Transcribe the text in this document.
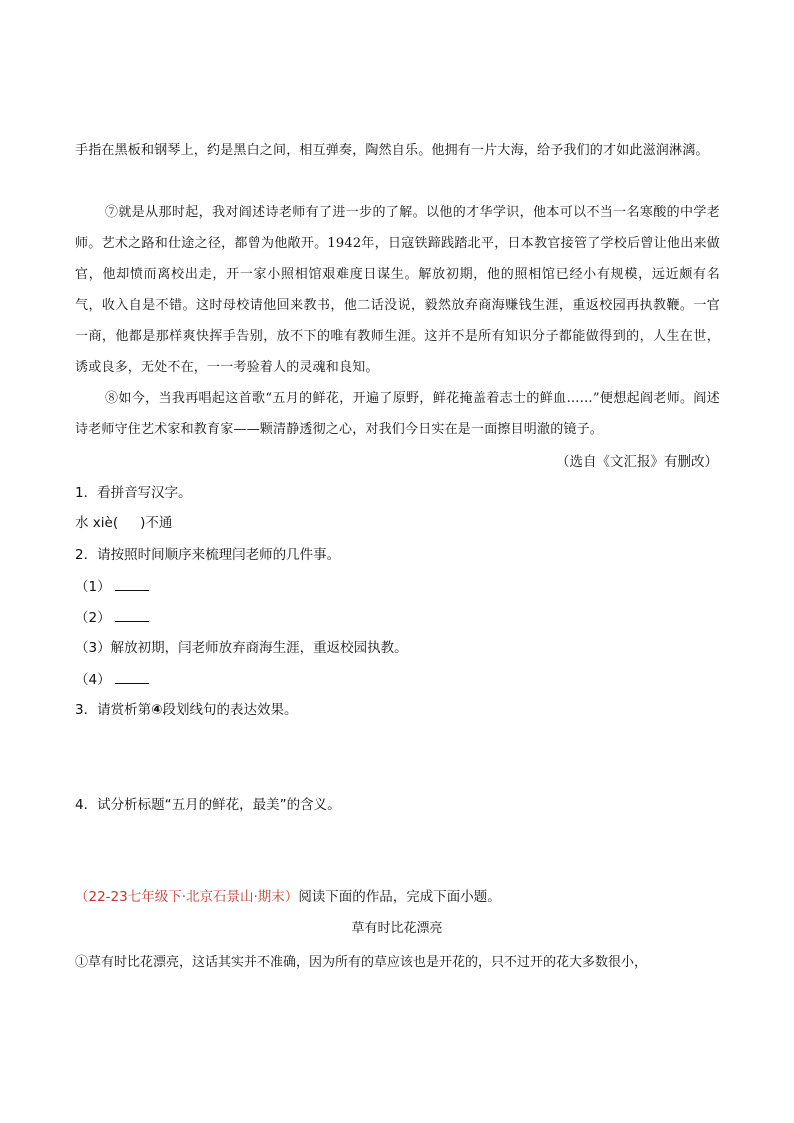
手指在黑板和钢琴上，约是黑白之间，相互弹奏，陶然自乐。他拥有一片大海，给予我们的才如此滋润淋漓。
⑦就是从那时起，我对阎述诗老师有了进一步的了解。以他的才华学识，他本可以不当一名寒酸的中学老师。艺术之路和仕途之径，都曾为他敞开。1942年，日寇铁蹄践踏北平，日本教官接管了学校后曾让他出来做官，他却愤而离校出走，开一家小照相馆艰难度日谋生。解放初期，他的照相馆已经小有规模，远近颇有名气，收入自是不错。这时母校请他回来教书，他二话没说，毅然放弃商海赚钱生涯，重返校园再执教鞭。一官一商，他都是那样爽快挥手告别，放不下的唯有教师生涯。这并不是所有知识分子都能做得到的，人生在世，诱或良多，无处不在，一一考验着人的灵魂和良知。
⑧如今，当我再唱起这首歌“五月的鲜花，开遍了原野，鲜花掩盖着志士的鲜血……”便想起阎老师。阎述诗老师守住艺术家和教育家——颗清静透彻之心，对我们今日实在是一面擦目明澈的镜子。
（选自《文汇报》有删改）
1．看拼音写汉字。
水 xiè( )不通
2．请按照时间顺序来梳理闫老师的几件事。
（1）
（2）
（3）解放初期，闫老师放弃商海生涯，重返校园执教。
（4）
3．请赏析第④段划线句的表达效果。
4．试分析标题“五月的鲜花，最美”的含义。
（22-23七年级下·北京石景山·期末）阅读下面的作品，完成下面小题。
草有时比花漂亮
①草有时比花漂亮，这话其实并不准确，因为所有的草应该也是开花的，只不过开的花大多数很小，
